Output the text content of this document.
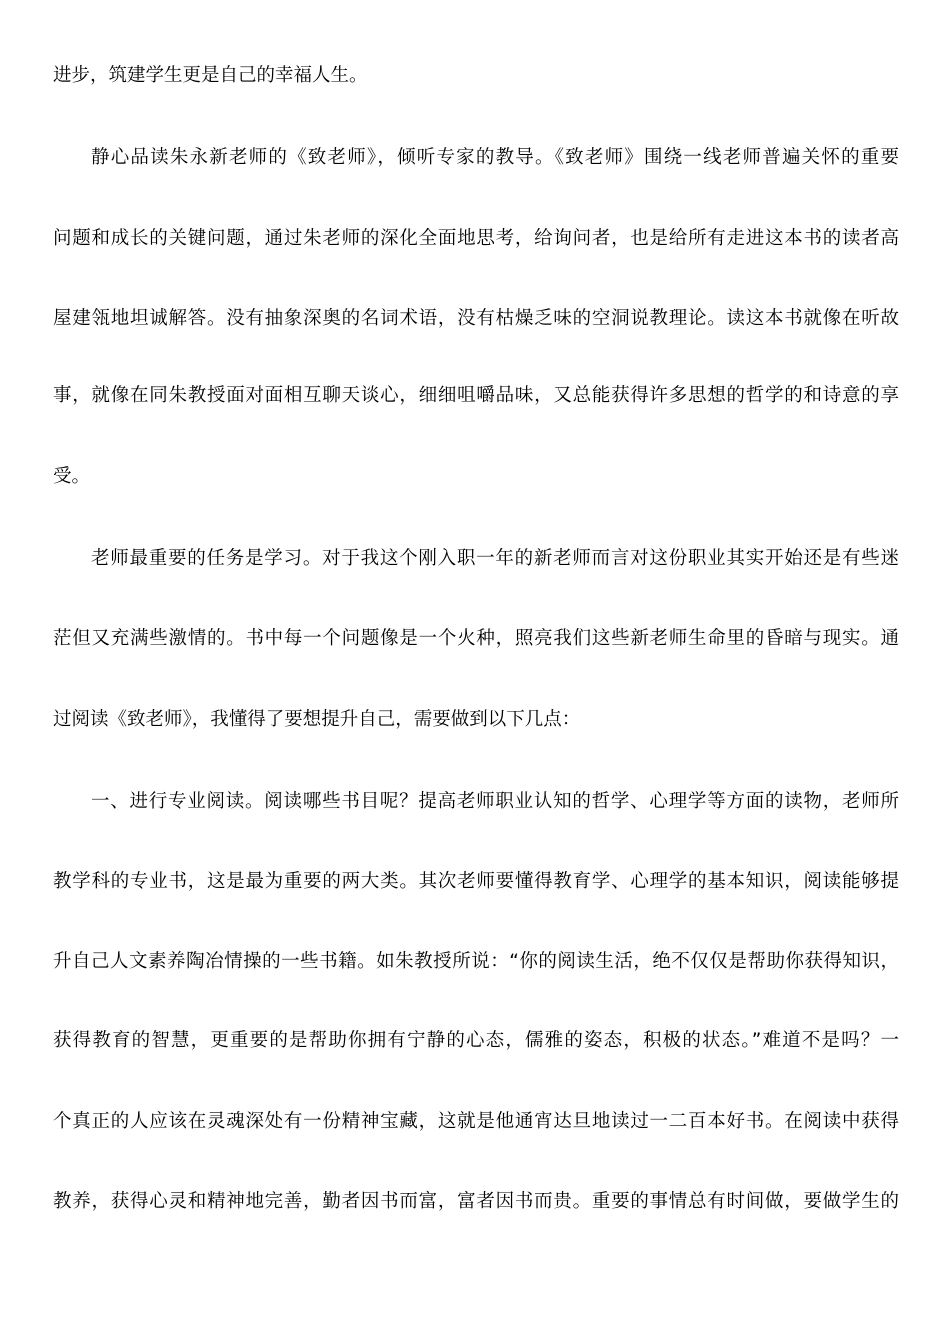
进步，筑建学生更是自己的幸福人生。
静心品读朱永新老师的《致老师》，倾听专家的教导。《致老师》围绕一线老师普遍关怀的重要
问题和成长的关键问题，通过朱老师的深化全面地思考，给询问者，也是给所有走进这本书的读者高
屋建瓴地坦诚解答。没有抽象深奥的名词术语，没有枯燥乏味的空洞说教理论。读这本书就像在听故
事，就像在同朱教授面对面相互聊天谈心，细细咀嚼品味，又总能获得许多思想的哲学的和诗意的享
受。
老师最重要的任务是学习。对于我这个刚入职一年的新老师而言对这份职业其实开始还是有些迷
茫但又充满些激情的。书中每一个问题像是一个火种，照亮我们这些新老师生命里的昏暗与现实。通
过阅读《致老师》，我懂得了要想提升自己，需要做到以下几点：
一、进行专业阅读。阅读哪些书目呢？提高老师职业认知的哲学、心理学等方面的读物，老师所
教学科的专业书，这是最为重要的两大类。其次老师要懂得教育学、心理学的基本知识，阅读能够提
升自己人文素养陶冶情操的一些书籍。如朱教授所说：“你的阅读生活，绝不仅仅是帮助你获得知识，
获得教育的智慧，更重要的是帮助你拥有宁静的心态，儒雅的姿态，积极的状态。”难道不是吗？一
个真正的人应该在灵魂深处有一份精神宝藏，这就是他通宵达旦地读过一二百本好书。在阅读中获得
教养，获得心灵和精神地完善，勤者因书而富，富者因书而贵。重要的事情总有时间做，要做学生的
